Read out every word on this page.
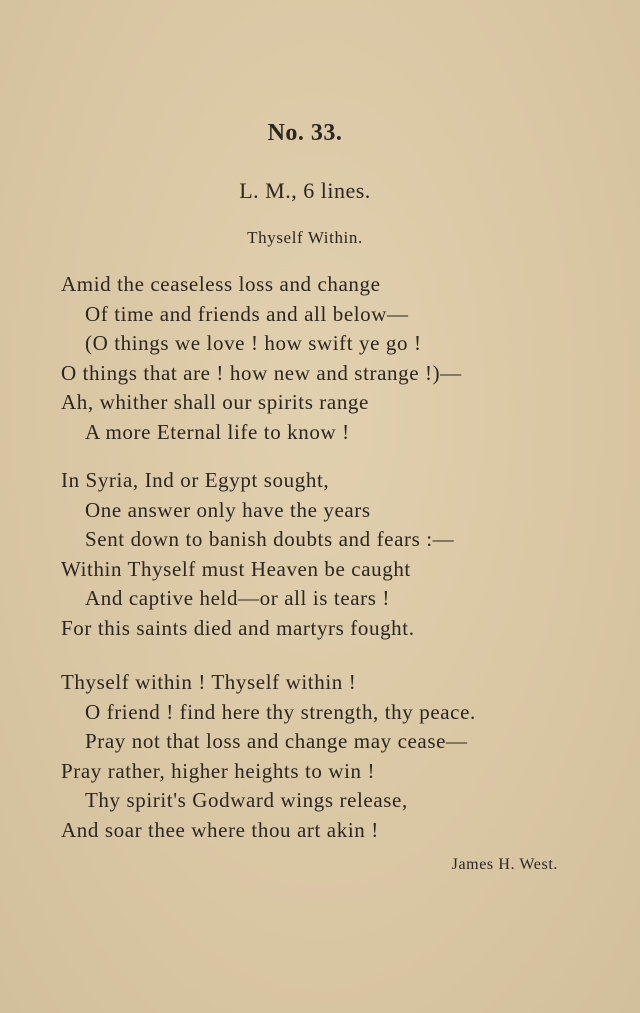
No. 33.
L. M., 6 lines.
Thyself Within.
Amid the ceaseless loss and change
Of time and friends and all below—
(O things we love ! how swift ye go !
O things that are ! how new and strange !)—
Ah, whither shall our spirits range
A more Eternal life to know !
In Syria, Ind or Egypt sought,
One answer only have the years
Sent down to banish doubts and fears :—
Within Thyself must Heaven be caught
And captive held—or all is tears !
For this saints died and martyrs fought.
Thyself within ! Thyself within !
O friend ! find here thy strength, thy peace.
Pray not that loss and change may cease—
Pray rather, higher heights to win !
Thy spirit's Godward wings release,
And soar thee where thou art akin !
James H. West.
